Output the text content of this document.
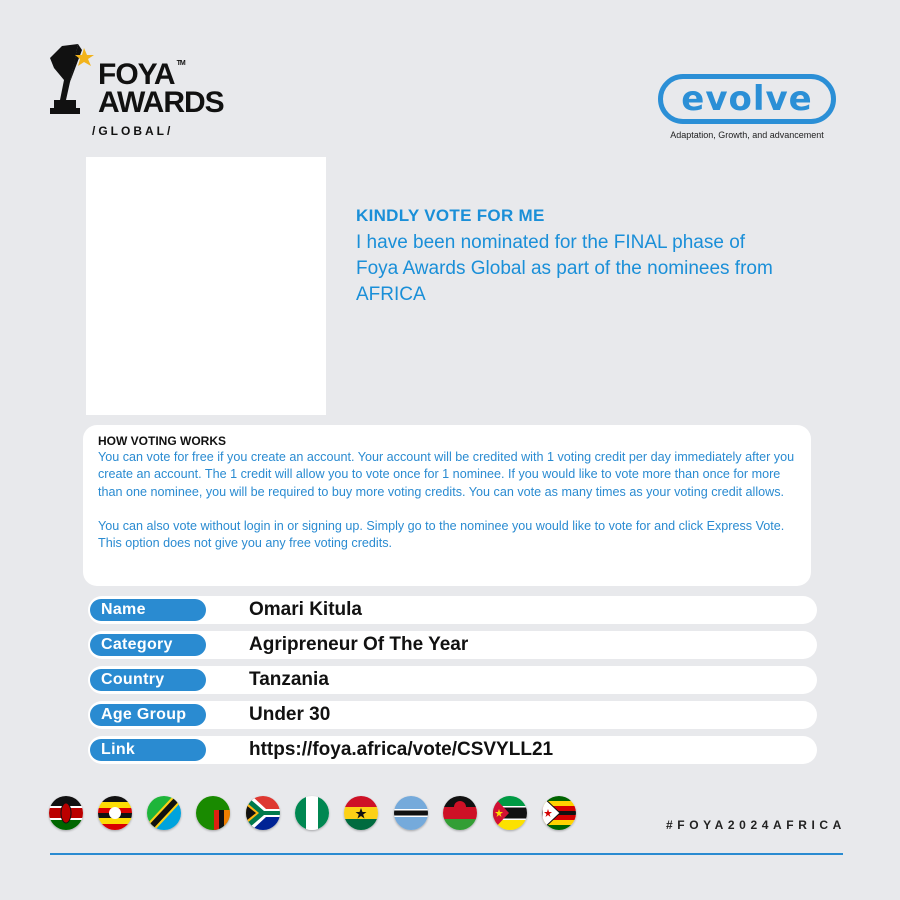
FOYA ™
AWARDS
/GLOBAL/
evolve
Adaptation, Growth, and advancement
KINDLY VOTE FOR ME
I have been nominated for the FINAL phase of Foya Awards Global as part of the nominees from AFRICA
HOW VOTING WORKS
You can vote for free if you create an account. Your account will be credited with 1 voting credit per day immediately after you create an account. The 1 credit will allow you to vote once for 1 nominee. If you would like to vote more than once for more than one nominee, you will be required to buy more voting credits. You can vote as many times as your voting credit allows.
You can also vote without login in or signing up. Simply go to the nominee you would like to vote for and click Express Vote. This option does not give you any free voting credits.
Name	Omari Kitula
Category	Agripreneur Of The Year
Country	Tanzania
Age Group	Under 30
Link	https://foya.africa/vote/CSVYLL21
#FOYA2024AFRICA
